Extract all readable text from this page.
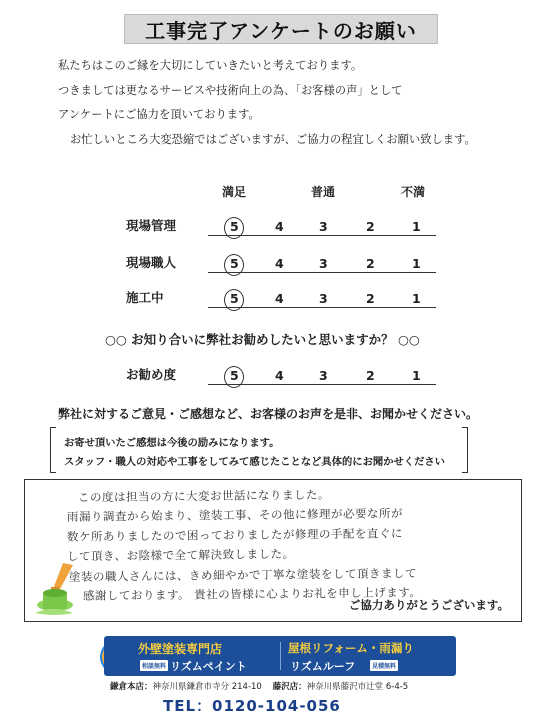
工事完了アンケートのお願い
私たちはこのご縁を大切にしていきたいと考えております。
つきましては更なるサービスや技術向上の為、「お客様の声」として
アンケートにご協力を頂いております。
お忙しいところ大変恐縮ではございますが、ご協力の程宜しくお願い致します。
満足	普通	不満
現場管理	5	4	3	2	1
現場職人	5	4	3	2	1
施工中	5	4	3	2	1
○○ お知り合いに弊社お勧めしたいと思いますか？ ○○
お勧め度	5	4	3	2	1
弊社に対するご意見・ご感想など、お客様のお声を是非、お聞かせください。
お寄せ頂いたご感想は今後の励みになります。
スタッフ・職人の対応や工事をしてみて感じたことなど具体的にお聞かせください
この度は担当の方に大変お世話になりました。
雨漏り調査から始まり、塗装工事、その他に修理が必要な所が
数ケ所ありましたので困っておりましたが修理の手配を直ぐに
して頂き、お陰様で全て解決致しました。
塗装の職人さんには、きめ細やかで丁寧な塗装をして頂きまして
感謝しております。 貴社の皆様に心よりお礼を申し上げます。
ご協力ありがとうございます。
外壁塗装専門店
相談無料 リズムペイント
屋根リフォーム・雨漏り
リズムルーフ	見積無料
鎌倉本店：神奈川県鎌倉市寺分 214-10 藤沢店：神奈川県藤沢市辻堂 6-4-5
TEL：0120-104-056
